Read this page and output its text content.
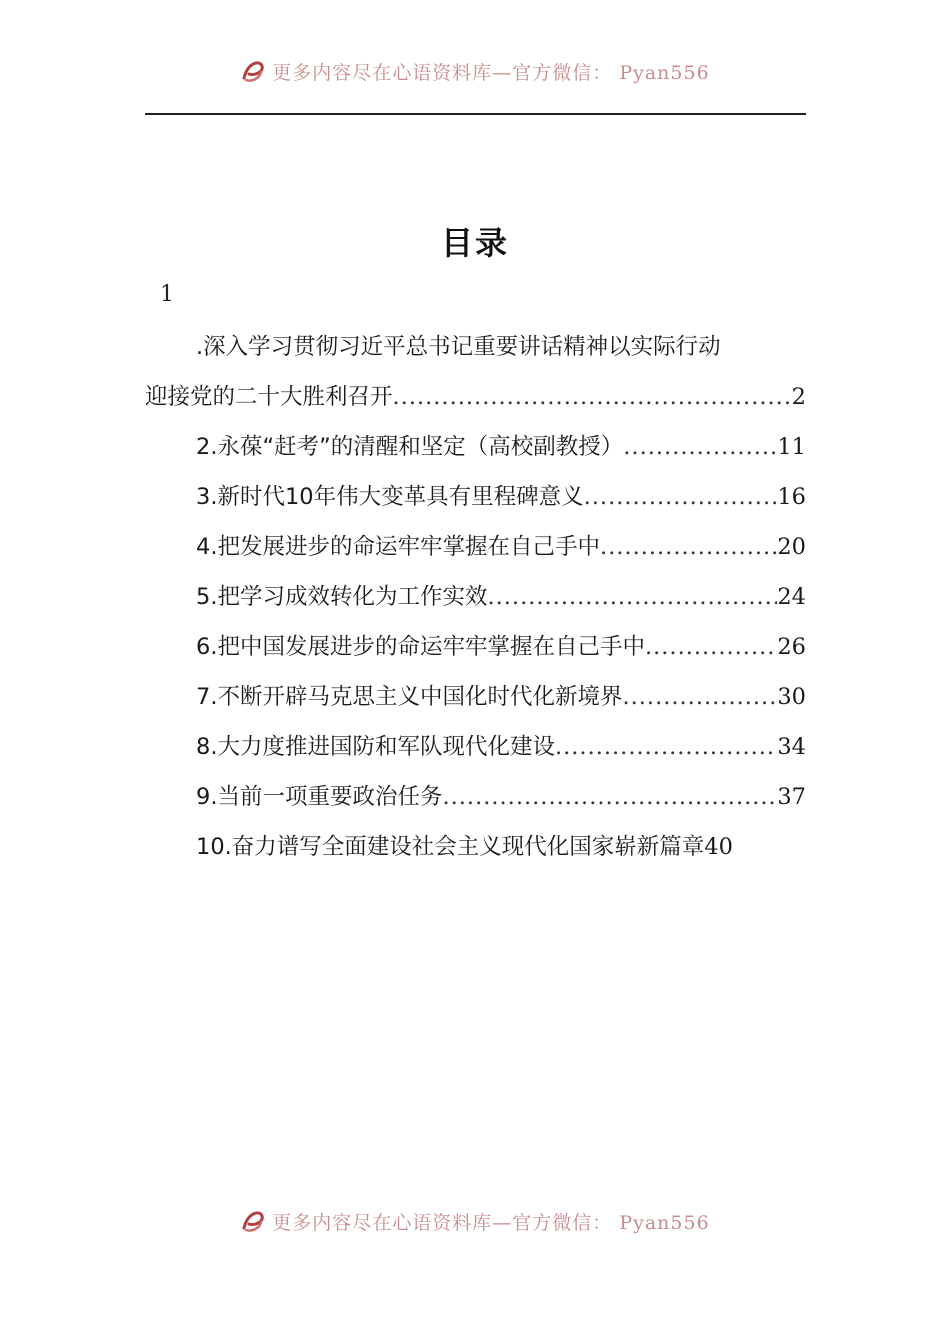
更多内容尽在心语资料库—官方微信： Pyan556
目录
1
.深入学习贯彻习近平总书记重要讲话精神以实际行动
迎接党的二十大胜利召开 .....	2
2.永葆“赶考”的清醒和坚定（高校副教授） .....	11
3.新时代10年伟大变革具有里程碑意义 .....	16
4.把发展进步的命运牢牢掌握在自己手中 .....	20
5.把学习成效转化为工作实效 .....	24
6.把中国发展进步的命运牢牢掌握在自己手中 .....	26
7.不断开辟马克思主义中国化时代化新境界 .....	30
8.大力度推进国防和军队现代化建设 .....	34
9.当前一项重要政治任务 .....	37
10.奋力谱写全面建设社会主义现代化国家崭新篇章 40
更多内容尽在心语资料库—官方微信： Pyan556
